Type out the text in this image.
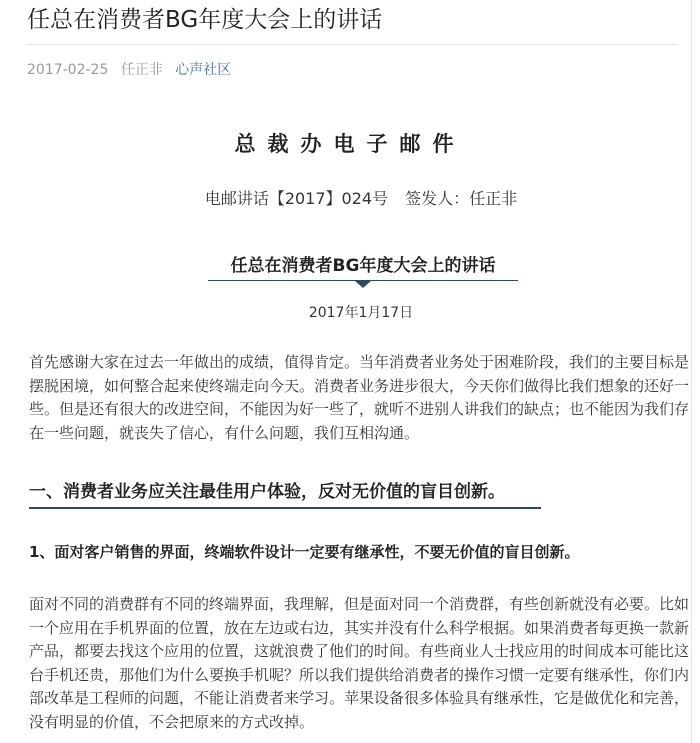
任总在消费者BG年度大会上的讲话
2017-02-25 任正非 心声社区
总裁办电子邮件
电邮讲话【2017】024号 签发人：任正非
任总在消费者BG年度大会上的讲话
2017年1月17日

首先感谢大家在过去一年做出的成绩，值得肯定。当年消费者业务处于困难阶段，我们的主要目标是摆脱困境，如何整合起来使终端走向今天。消费者业务进步很大，今天你们做得比我们想象的还好一些。但是还有很大的改进空间，不能因为好一些了，就听不进别人讲我们的缺点；也不能因为我们存在一些问题，就丧失了信心，有什么问题，我们互相沟通。

一、消费者业务应关注最佳用户体验，反对无价值的盲目创新。
1、面对客户销售的界面，终端软件设计一定要有继承性，不要无价值的盲目创新。

面对不同的消费群有不同的终端界面，我理解，但是面对同一个消费群，有些创新就没有必要。比如一个应用在手机界面的位置，放在左边或右边，其实并没有什么科学根据。如果消费者每更换一款新产品，都要去找这个应用的位置，这就浪费了他们的时间。有些商业人士找应用的时间成本可能比这台手机还贵，那他们为什么要换手机呢？所以我们提供给消费者的操作习惯一定要有继承性，你们内部改革是工程师的问题，不能让消费者来学习。苹果设备很多体验具有继承性，它是做优化和完善，没有明显的价值，不会把原来的方式改掉。
